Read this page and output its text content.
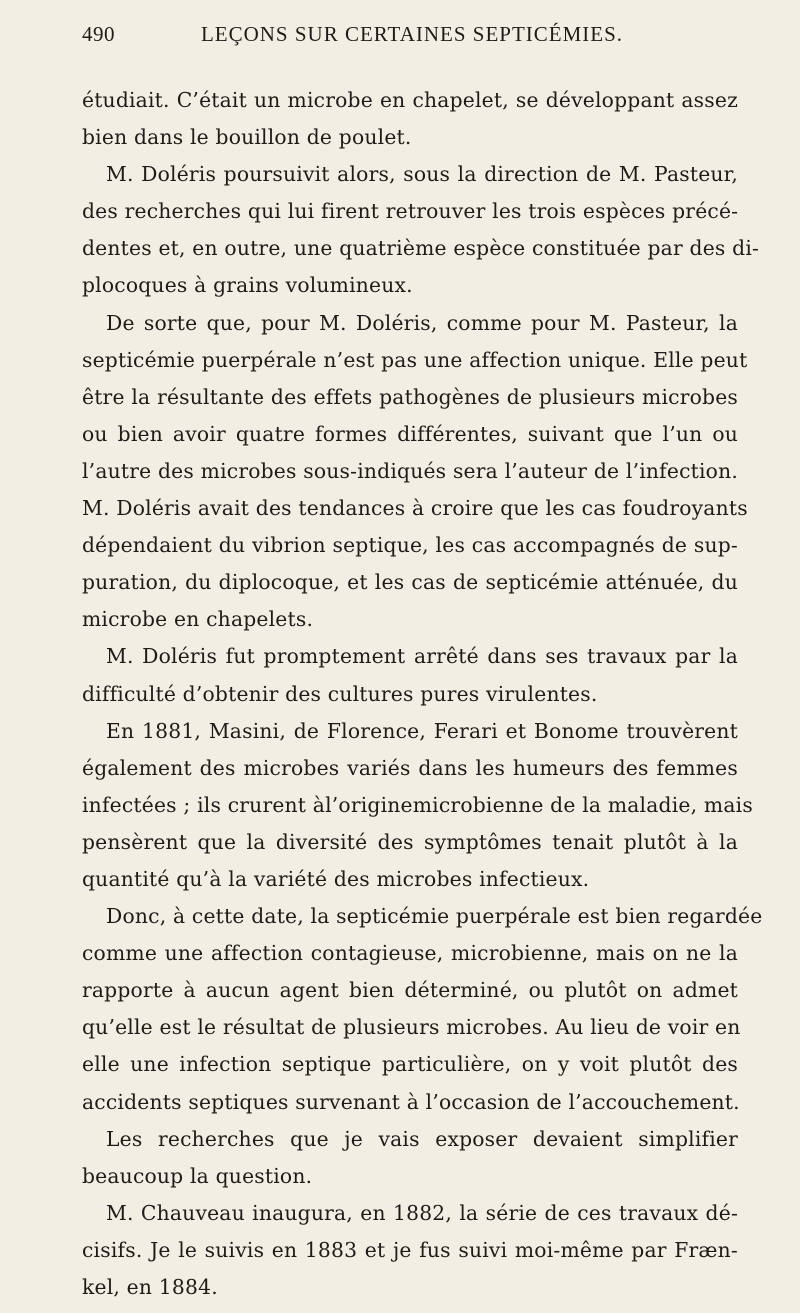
490	LEÇONS SUR CERTAINES SEPTICÉMIES.
étudiait. C’était un microbe en chapelet, se développant assez
bien dans le bouillon de poulet.
M. Doléris poursuivit alors, sous la direction de M. Pasteur,
des recherches qui lui firent retrouver les trois espèces précé-
dentes et, en outre, une quatrième espèce constituée par des di-
plocoques à grains volumineux.
De sorte que, pour M. Doléris, comme pour M. Pasteur, la
septicémie puerpérale n’est pas une affection unique. Elle peut
être la résultante des effets pathogènes de plusieurs microbes
ou bien avoir quatre formes différentes, suivant que l’un ou
l’autre des microbes sous-indiqués sera l’auteur de l’infection.
M. Doléris avait des tendances à croire que les cas foudroyants
dépendaient du vibrion septique, les cas accompagnés de sup-
puration, du diplocoque, et les cas de septicémie atténuée, du
microbe en chapelets.
M. Doléris fut promptement arrêté dans ses travaux par la
difficulté d’obtenir des cultures pures virulentes.
En 1881, Masini, de Florence, Ferari et Bonome trouvèrent
également des microbes variés dans les humeurs des femmes
infectées ; ils crurent àl’originemicrobienne de la maladie, mais
pensèrent que la diversité des symptômes tenait plutôt à la
quantité qu’à la variété des microbes infectieux.
Donc, à cette date, la septicémie puerpérale est bien regardée
comme une affection contagieuse, microbienne, mais on ne la
rapporte à aucun agent bien déterminé, ou plutôt on admet
qu’elle est le résultat de plusieurs microbes. Au lieu de voir en
elle une infection septique particulière, on y voit plutôt des
accidents septiques survenant à l’occasion de l’accouchement.
Les recherches que je vais exposer devaient simplifier
beaucoup la question.
M. Chauveau inaugura, en 1882, la série de ces travaux dé-
cisifs. Je le suivis en 1883 et je fus suivi moi-même par Fræn-
kel, en 1884.
